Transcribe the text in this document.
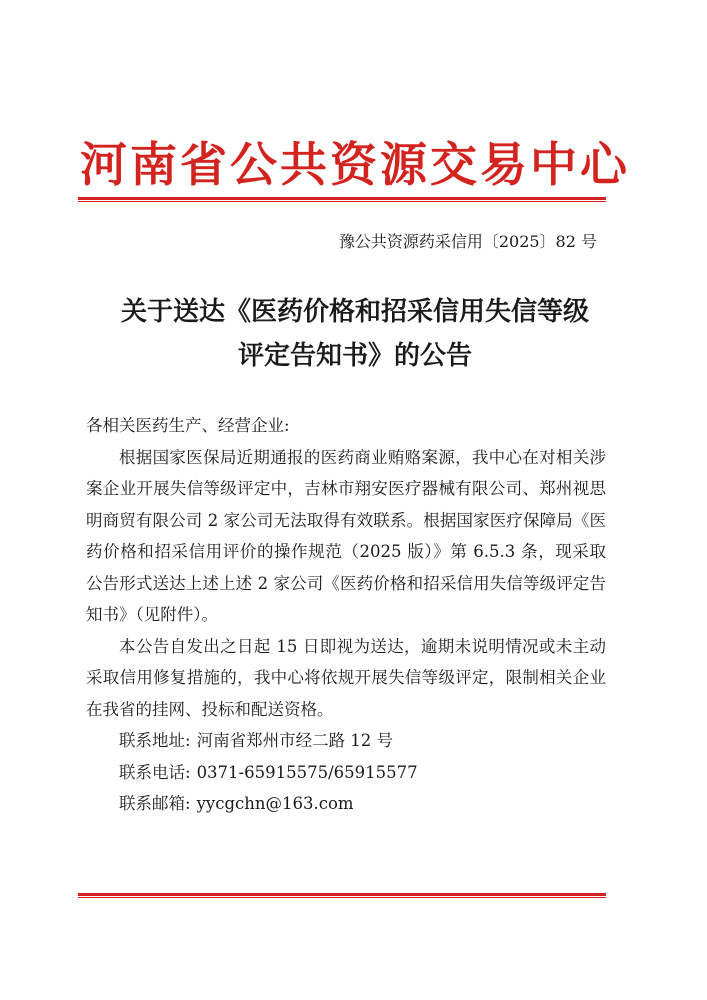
河南省公共资源交易中心
豫公共资源药采信用〔2025〕82 号
关于送达《医药价格和招采信用失信等级
评定告知书》的公告

各相关医药生产、经营企业:

根据国家医保局近期通报的医药商业贿赂案源，我中心在对相关涉案企业开展失信等级评定中，吉林市翔安医疗器械有限公司、郑州视思明商贸有限公司 2 家公司无法取得有效联系。根据国家医疗保障局《医药价格和招采信用评价的操作规范（2025 版）》第 6.5.3 条，现采取公告形式送达上述上述 2 家公司《医药价格和招采信用失信等级评定告知书》（见附件）。

本公告自发出之日起 15 日即视为送达，逾期未说明情况或未主动采取信用修复措施的，我中心将依规开展失信等级评定，限制相关企业在我省的挂网、投标和配送资格。

联系地址: 河南省郑州市经二路 12 号

联系电话: 0371-65915575/65915577

联系邮箱: yycgchn@163.com
